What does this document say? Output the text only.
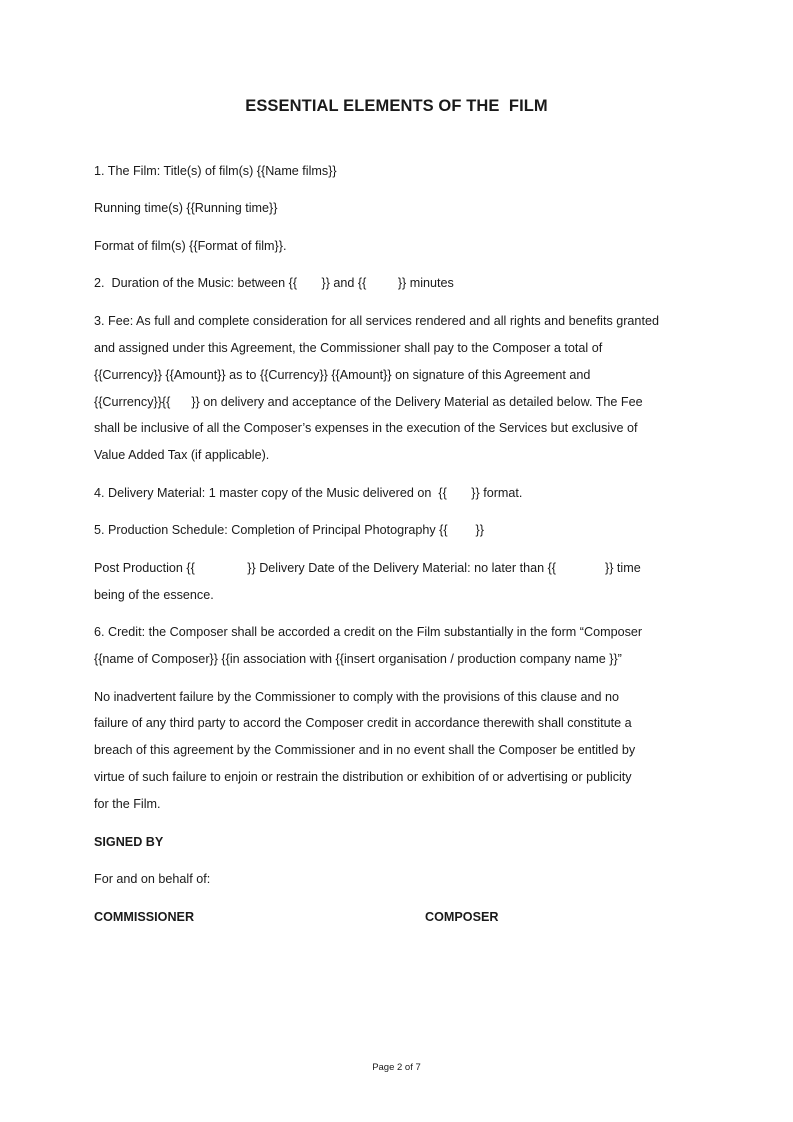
ESSENTIAL ELEMENTS OF THE  FILM
1. The Film: Title(s) of film(s) {{Name films}}
Running time(s) {{Running time}}
Format of film(s) {{Format of film}}.
2.  Duration of the Music: between {{       }} and {{         }} minutes
3. Fee: As full and complete consideration for all services rendered and all rights and benefits granted
and assigned under this Agreement, the Commissioner shall pay to the Composer a total of
{{Currency}} {{Amount}} as to {{Currency}} {{Amount}} on signature of this Agreement and
{{Currency}}{{      }} on delivery and acceptance of the Delivery Material as detailed below. The Fee
shall be inclusive of all the Composer’s expenses in the execution of the Services but exclusive of
Value Added Tax (if applicable).
4. Delivery Material: 1 master copy of the Music delivered on  {{       }} format.
5. Production Schedule: Completion of Principal Photography {{        }}
Post Production {{               }} Delivery Date of the Delivery Material: no later than {{              }} time
being of the essence.
6. Credit: the Composer shall be accorded a credit on the Film substantially in the form “Composer
{{name of Composer}} {{in association with {{insert organisation / production company name }}”
No inadvertent failure by the Commissioner to comply with the provisions of this clause and no
failure of any third party to accord the Composer credit in accordance therewith shall constitute a
breach of this agreement by the Commissioner and in no event shall the Composer be entitled by
virtue of such failure to enjoin or restrain the distribution or exhibition of or advertising or publicity
for the Film.
SIGNED BY
For and on behalf of:
COMMISSIONER	COMPOSER
Page 2 of 7
